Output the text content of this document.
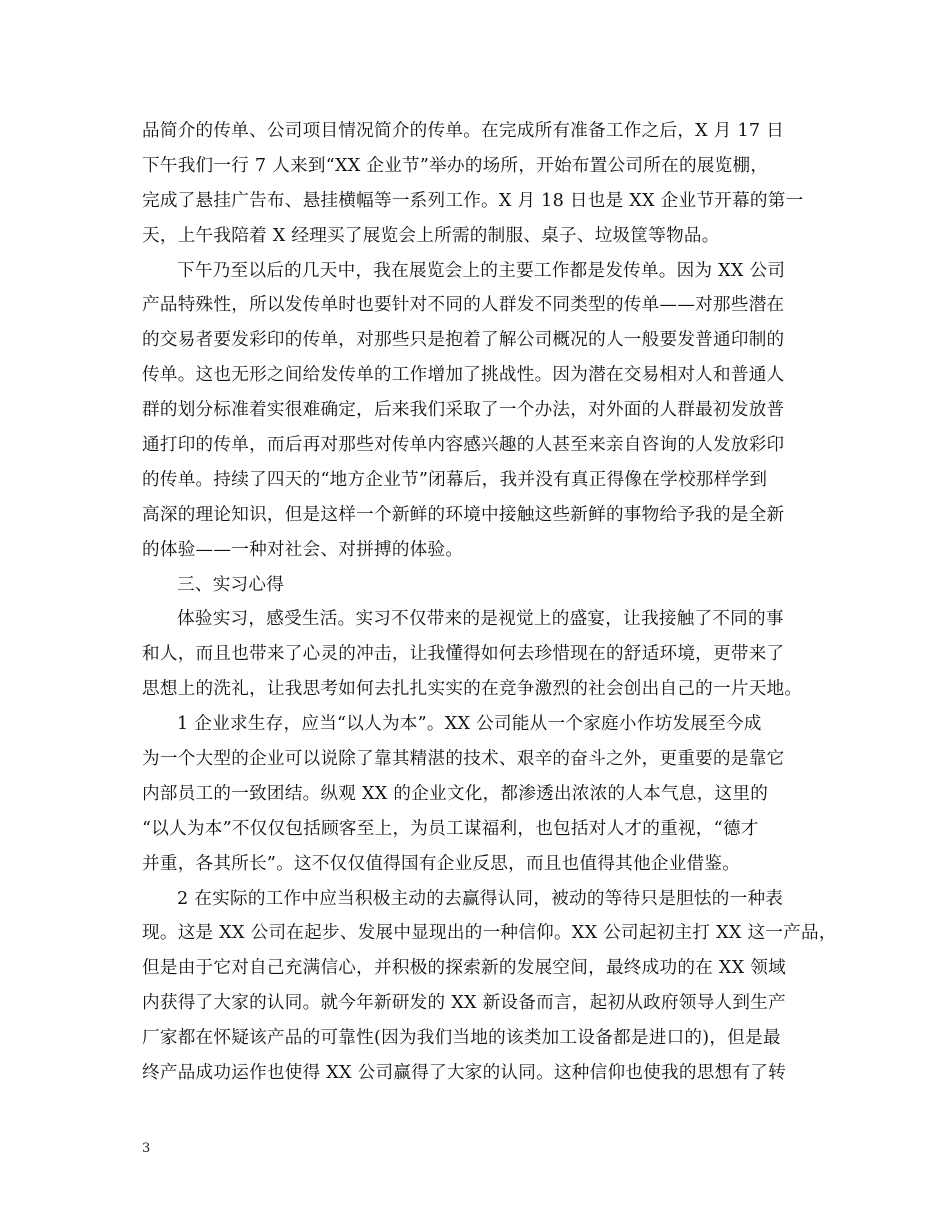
品简介的传单、公司项目情况简介的传单。在完成所有准备工作之后，X 月 17 日
下午我们一行 7 人来到“XX 企业节”举办的场所，开始布置公司所在的展览棚，
完成了悬挂广告布、悬挂横幅等一系列工作。X 月 18 日也是 XX 企业节开幕的第一
天，上午我陪着 X 经理买了展览会上所需的制服、桌子、垃圾筐等物品。
下午乃至以后的几天中，我在展览会上的主要工作都是发传单。因为 XX 公司
产品特殊性，所以发传单时也要针对不同的人群发不同类型的传单——对那些潜在
的交易者要发彩印的传单，对那些只是抱着了解公司概况的人一般要发普通印制的
传单。这也无形之间给发传单的工作增加了挑战性。因为潜在交易相对人和普通人
群的划分标准着实很难确定，后来我们采取了一个办法，对外面的人群最初发放普
通打印的传单，而后再对那些对传单内容感兴趣的人甚至来亲自咨询的人发放彩印
的传单。持续了四天的“地方企业节”闭幕后，我并没有真正得像在学校那样学到
高深的理论知识，但是这样一个新鲜的环境中接触这些新鲜的事物给予我的是全新
的体验——一种对社会、对拼搏的体验。
三、实习心得
体验实习，感受生活。实习不仅带来的是视觉上的盛宴，让我接触了不同的事
和人，而且也带来了心灵的冲击，让我懂得如何去珍惜现在的舒适环境，更带来了
思想上的洗礼，让我思考如何去扎扎实实的在竞争激烈的社会创出自己的一片天地。
1 企业求生存，应当“以人为本”。XX 公司能从一个家庭小作坊发展至今成
为一个大型的企业可以说除了靠其精湛的技术、艰辛的奋斗之外，更重要的是靠它
内部员工的一致团结。纵观 XX 的企业文化，都渗透出浓浓的人本气息，这里的
“以人为本”不仅仅包括顾客至上，为员工谋福利，也包括对人才的重视，“德才
并重，各其所长”。这不仅仅值得国有企业反思，而且也值得其他企业借鉴。
2 在实际的工作中应当积极主动的去赢得认同，被动的等待只是胆怯的一种表
现。这是 XX 公司在起步、发展中显现出的一种信仰。XX 公司起初主打 XX 这一产品，
但是由于它对自己充满信心，并积极的探索新的发展空间，最终成功的在 XX 领域
内获得了大家的认同。就今年新研发的 XX 新设备而言，起初从政府领导人到生产
厂家都在怀疑该产品的可靠性(因为我们当地的该类加工设备都是进口的)，但是最
终产品成功运作也使得 XX 公司赢得了大家的认同。这种信仰也使我的思想有了转
3
